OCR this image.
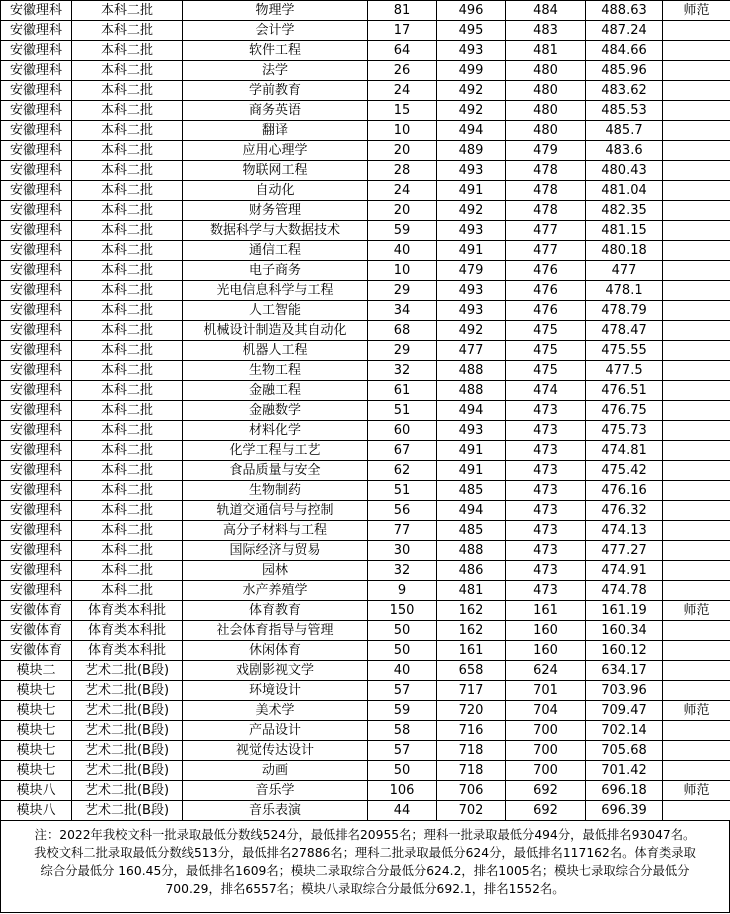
安徽理科	本科二批	物理学	81	496	484	488.63	师范
安徽理科	本科二批	会计学	17	495	483	487.24	
安徽理科	本科二批	软件工程	64	493	481	484.66	
安徽理科	本科二批	法学	26	499	480	485.96	
安徽理科	本科二批	学前教育	24	492	480	483.62	
安徽理科	本科二批	商务英语	15	492	480	485.53	
安徽理科	本科二批	翻译	10	494	480	485.7	
安徽理科	本科二批	应用心理学	20	489	479	483.6	
安徽理科	本科二批	物联网工程	28	493	478	480.43	
安徽理科	本科二批	自动化	24	491	478	481.04	
安徽理科	本科二批	财务管理	20	492	478	482.35	
安徽理科	本科二批	数据科学与大数据技术	59	493	477	481.15	
安徽理科	本科二批	通信工程	40	491	477	480.18	
安徽理科	本科二批	电子商务	10	479	476	477	
安徽理科	本科二批	光电信息科学与工程	29	493	476	478.1	
安徽理科	本科二批	人工智能	34	493	476	478.79	
安徽理科	本科二批	机械设计制造及其自动化	68	492	475	478.47	
安徽理科	本科二批	机器人工程	29	477	475	475.55	
安徽理科	本科二批	生物工程	32	488	475	477.5	
安徽理科	本科二批	金融工程	61	488	474	476.51	
安徽理科	本科二批	金融数学	51	494	473	476.75	
安徽理科	本科二批	材料化学	60	493	473	475.73	
安徽理科	本科二批	化学工程与工艺	67	491	473	474.81	
安徽理科	本科二批	食品质量与安全	62	491	473	475.42	
安徽理科	本科二批	生物制药	51	485	473	476.16	
安徽理科	本科二批	轨道交通信号与控制	56	494	473	476.32	
安徽理科	本科二批	高分子材料与工程	77	485	473	474.13	
安徽理科	本科二批	国际经济与贸易	30	488	473	477.27	
安徽理科	本科二批	园林	32	486	473	474.91	
安徽理科	本科二批	水产养殖学	9	481	473	474.78	
安徽体育	体育类本科批	体育教育	150	162	161	161.19	师范
安徽体育	体育类本科批	社会体育指导与管理	50	162	160	160.34	
安徽体育	体育类本科批	休闲体育	50	161	160	160.12	
模块二	艺术二批(B段)	戏剧影视文学	40	658	624	634.17	
模块七	艺术二批(B段)	环境设计	57	717	701	703.96	
模块七	艺术二批(B段)	美术学	59	720	704	709.47	师范
模块七	艺术二批(B段)	产品设计	58	716	700	702.14	
模块七	艺术二批(B段)	视觉传达设计	57	718	700	705.68	
模块七	艺术二批(B段)	动画	50	718	700	701.42	
模块八	艺术二批(B段)	音乐学	106	706	692	696.18	师范
模块八	艺术二批(B段)	音乐表演	44	702	692	696.39	
注：2022年我校文科一批录取最低分数线524分，最低排名20955名；理科一批录取最低分494分，最低排名93047名。
我校文科二批录取最低分数线513分，最低排名27886名；理科二批录取最低分624分，最低排名117162名。体育类录取
综合分最低分 160.45分，最低排名1609名；模块二录取综合分最低分624.2，排名1005名；模块七录取综合分最低分
700.29，排名6557名；模块八录取综合分最低分692.1，排名1552名。
